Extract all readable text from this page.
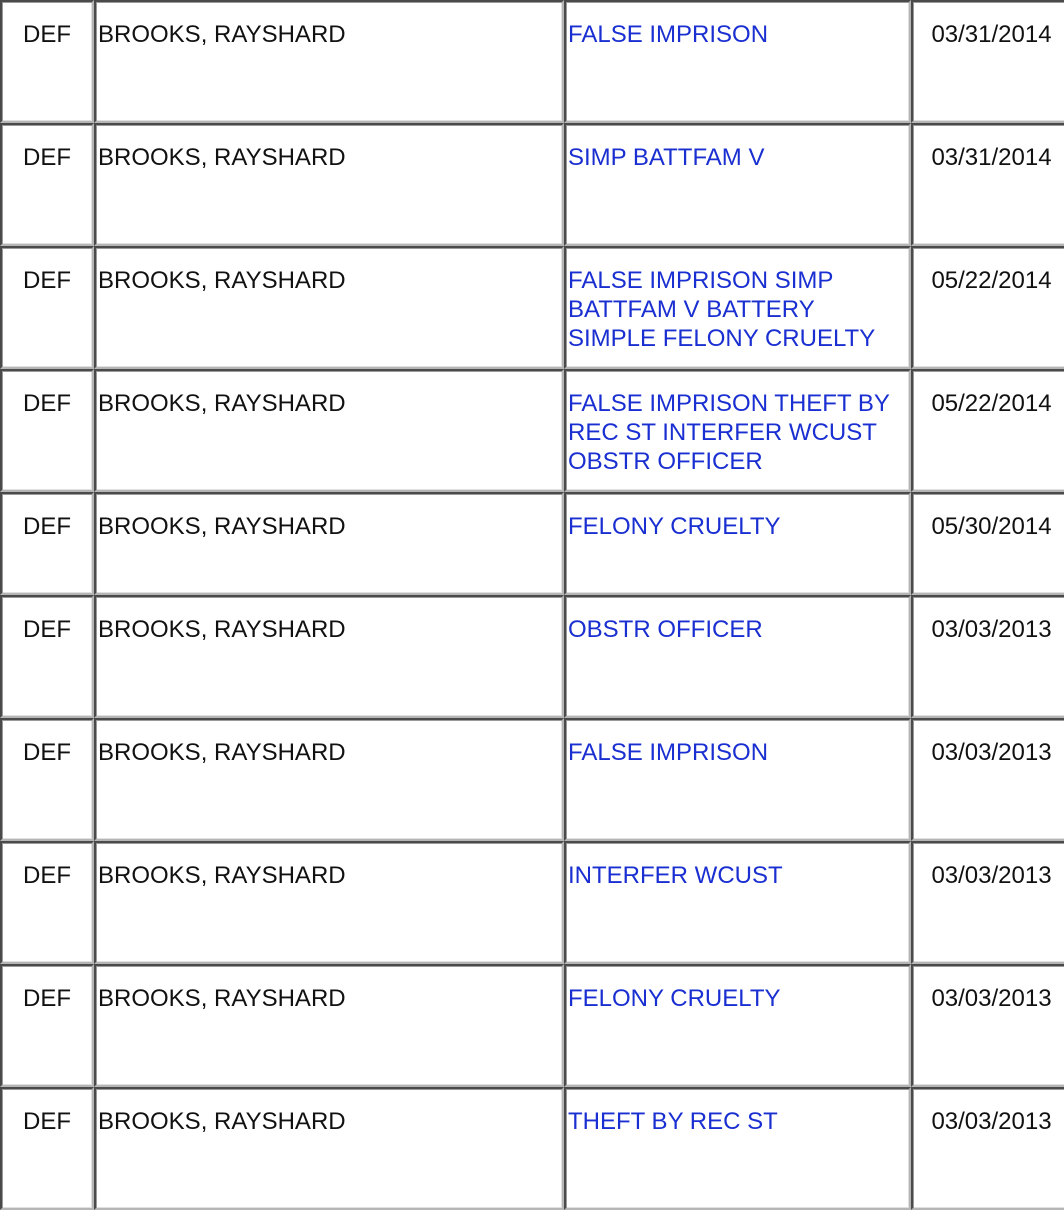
DEF	BROOKS, RAYSHARD	FALSE IMPRISON	03/31/2014
DEF	BROOKS, RAYSHARD	SIMP BATTFAM V	03/31/2014
DEF	BROOKS, RAYSHARD	FALSE IMPRISON SIMP BATTFAM V BATTERY SIMPLE FELONY CRUELTY	05/22/2014
DEF	BROOKS, RAYSHARD	FALSE IMPRISON THEFT BY REC ST INTERFER WCUST OBSTR OFFICER	05/22/2014
DEF	BROOKS, RAYSHARD	FELONY CRUELTY	05/30/2014
DEF	BROOKS, RAYSHARD	OBSTR OFFICER	03/03/2013
DEF	BROOKS, RAYSHARD	FALSE IMPRISON	03/03/2013
DEF	BROOKS, RAYSHARD	INTERFER WCUST	03/03/2013
DEF	BROOKS, RAYSHARD	FELONY CRUELTY	03/03/2013
DEF	BROOKS, RAYSHARD	THEFT BY REC ST	03/03/2013
